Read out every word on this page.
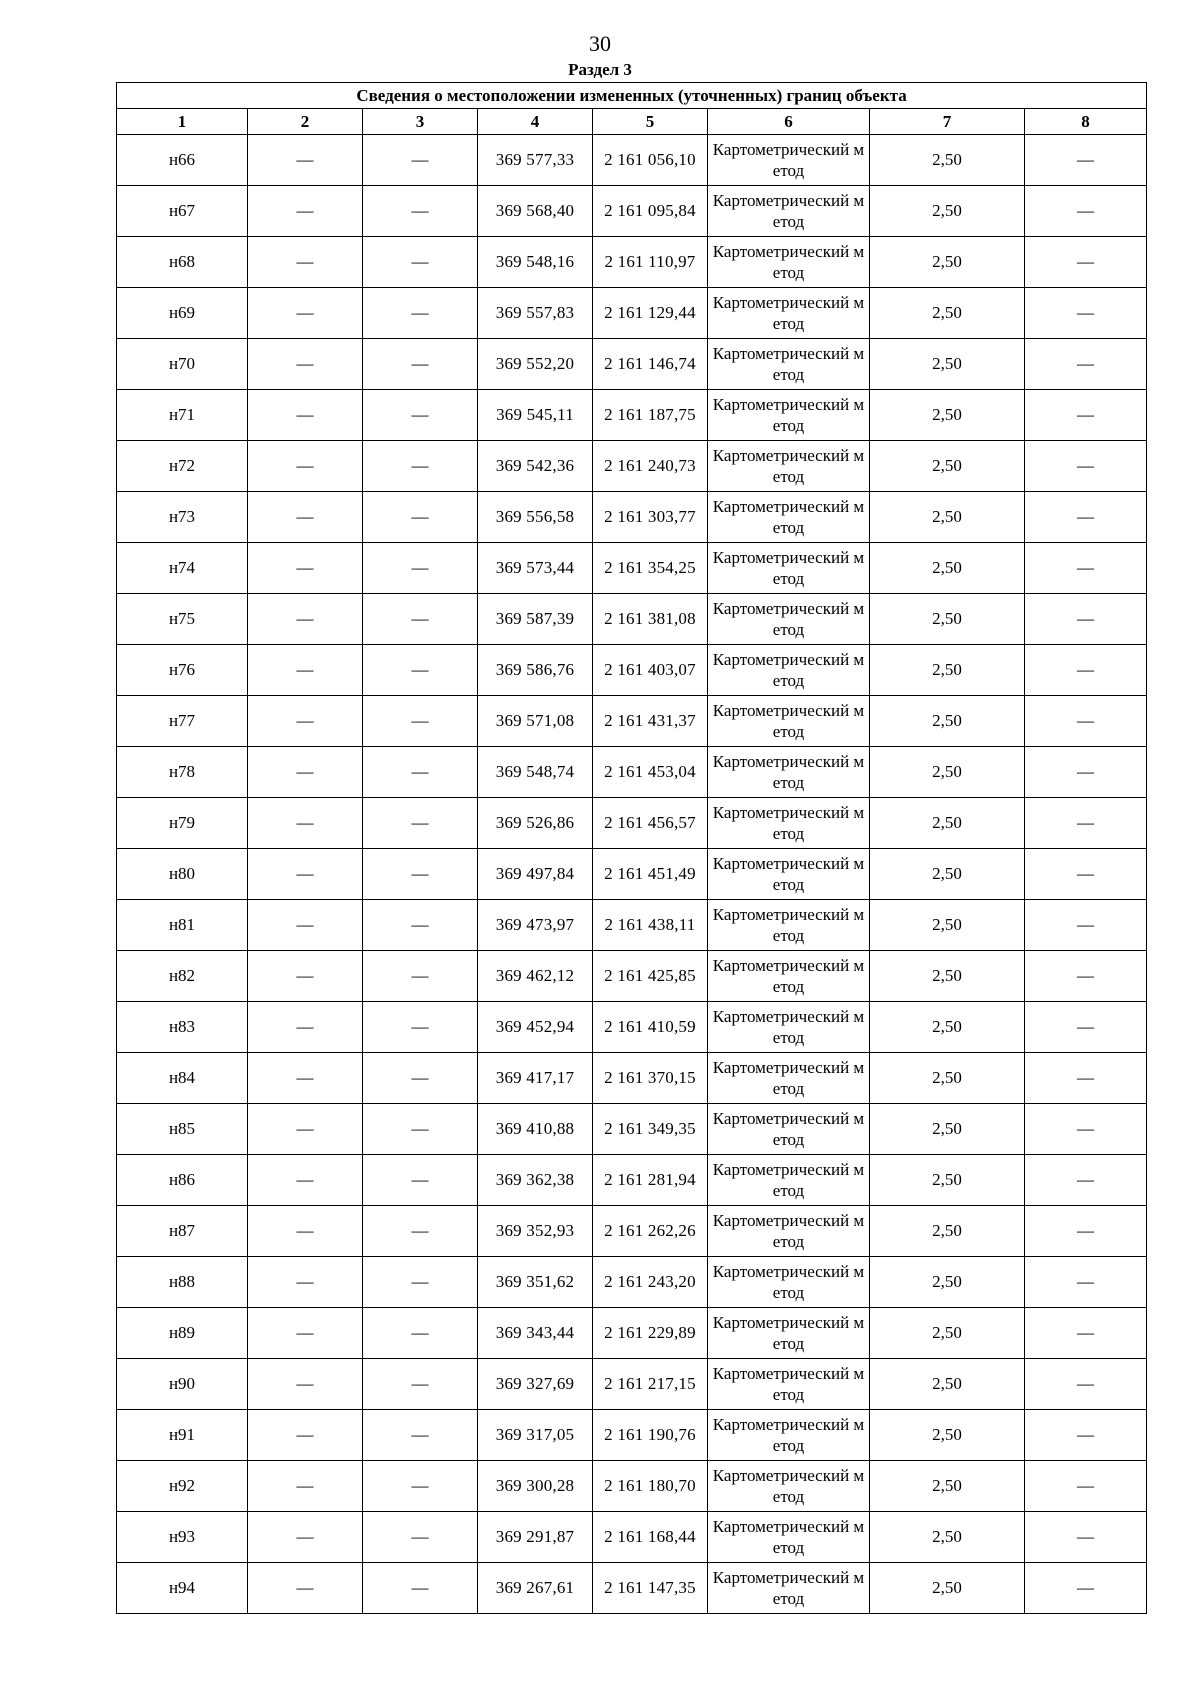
30
Раздел 3
Сведения о местоположении измененных (уточненных) границ объекта							
1	2	3	4	5	6	7	8
н66	—	—	369 577,33	2 161 056,10	Картометрический метод	2,50	—
н67	—	—	369 568,40	2 161 095,84	Картометрический метод	2,50	—
н68	—	—	369 548,16	2 161 110,97	Картометрический метод	2,50	—
н69	—	—	369 557,83	2 161 129,44	Картометрический метод	2,50	—
н70	—	—	369 552,20	2 161 146,74	Картометрический метод	2,50	—
н71	—	—	369 545,11	2 161 187,75	Картометрический метод	2,50	—
н72	—	—	369 542,36	2 161 240,73	Картометрический метод	2,50	—
н73	—	—	369 556,58	2 161 303,77	Картометрический метод	2,50	—
н74	—	—	369 573,44	2 161 354,25	Картометрический метод	2,50	—
н75	—	—	369 587,39	2 161 381,08	Картометрический метод	2,50	—
н76	—	—	369 586,76	2 161 403,07	Картометрический метод	2,50	—
н77	—	—	369 571,08	2 161 431,37	Картометрический метод	2,50	—
н78	—	—	369 548,74	2 161 453,04	Картометрический метод	2,50	—
н79	—	—	369 526,86	2 161 456,57	Картометрический метод	2,50	—
н80	—	—	369 497,84	2 161 451,49	Картометрический метод	2,50	—
н81	—	—	369 473,97	2 161 438,11	Картометрический метод	2,50	—
н82	—	—	369 462,12	2 161 425,85	Картометрический метод	2,50	—
н83	—	—	369 452,94	2 161 410,59	Картометрический метод	2,50	—
н84	—	—	369 417,17	2 161 370,15	Картометрический метод	2,50	—
н85	—	—	369 410,88	2 161 349,35	Картометрический метод	2,50	—
н86	—	—	369 362,38	2 161 281,94	Картометрический метод	2,50	—
н87	—	—	369 352,93	2 161 262,26	Картометрический метод	2,50	—
н88	—	—	369 351,62	2 161 243,20	Картометрический метод	2,50	—
н89	—	—	369 343,44	2 161 229,89	Картометрический метод	2,50	—
н90	—	—	369 327,69	2 161 217,15	Картометрический метод	2,50	—
н91	—	—	369 317,05	2 161 190,76	Картометрический метод	2,50	—
н92	—	—	369 300,28	2 161 180,70	Картометрический метод	2,50	—
н93	—	—	369 291,87	2 161 168,44	Картометрический метод	2,50	—
н94	—	—	369 267,61	2 161 147,35	Картометрический метод	2,50	—
